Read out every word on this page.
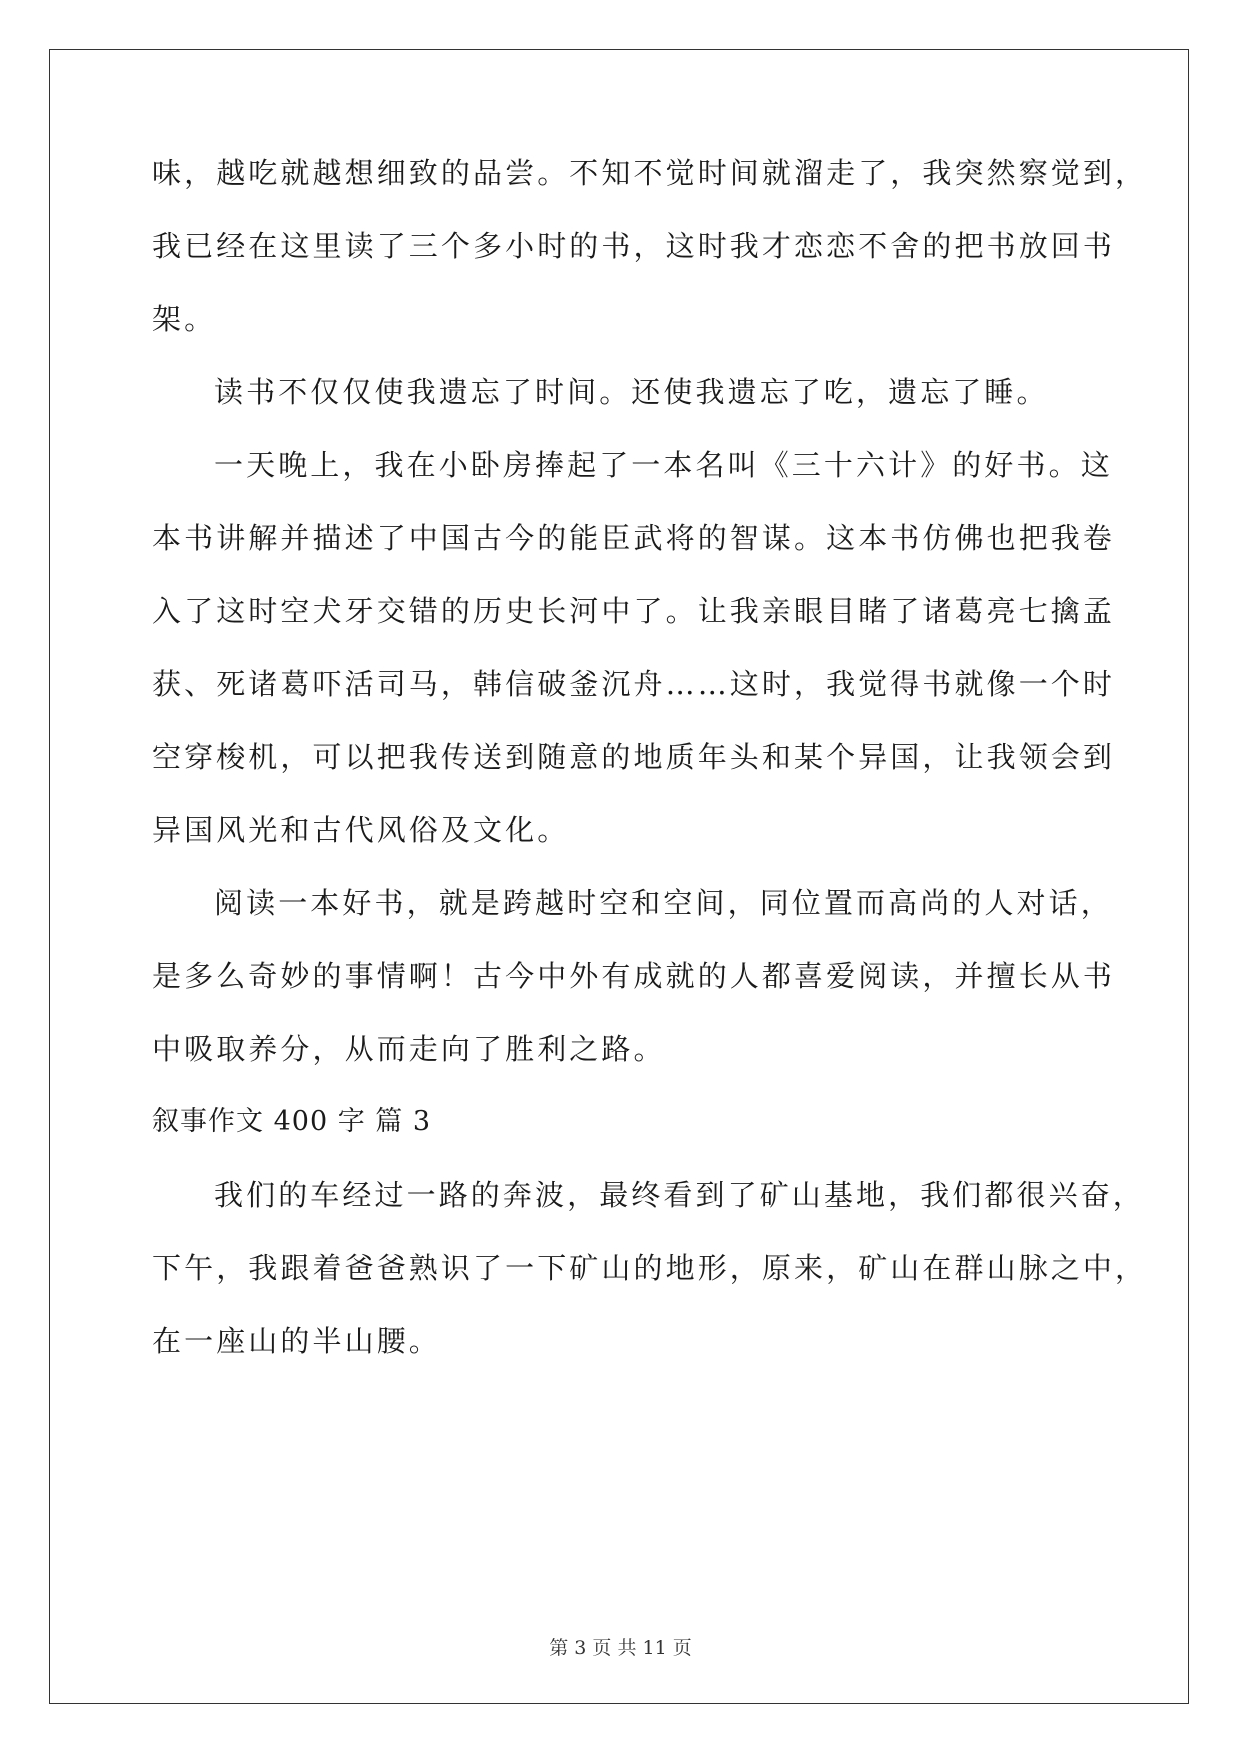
味，越吃就越想细致的品尝。不知不觉时间就溜走了，我突然察觉到，
我已经在这里读了三个多小时的书，这时我才恋恋不舍的把书放回书
架。
读书不仅仅使我遗忘了时间。还使我遗忘了吃，遗忘了睡。
一天晚上，我在小卧房捧起了一本名叫《三十六计》的好书。这
本书讲解并描述了中国古今的能臣武将的智谋。这本书仿佛也把我卷
入了这时空犬牙交错的历史长河中了。让我亲眼目睹了诸葛亮七擒孟
获、死诸葛吓活司马，韩信破釜沉舟……这时，我觉得书就像一个时
空穿梭机，可以把我传送到随意的地质年头和某个异国，让我领会到
异国风光和古代风俗及文化。
阅读一本好书，就是跨越时空和空间，同位置而高尚的人对话，
是多么奇妙的事情啊！古今中外有成就的人都喜爱阅读，并擅长从书
中吸取养分，从而走向了胜利之路。
叙事作文 400 字 篇 3
我们的车经过一路的奔波，最终看到了矿山基地，我们都很兴奋，
下午，我跟着爸爸熟识了一下矿山的地形，原来，矿山在群山脉之中，
在一座山的半山腰。
第 3 页 共 11 页
